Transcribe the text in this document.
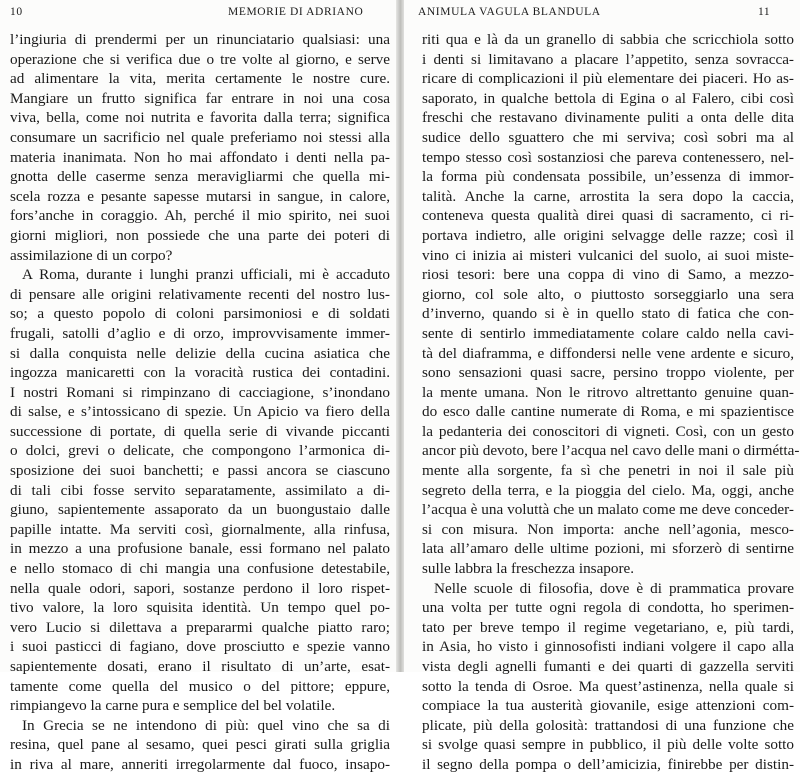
10	MEMORIE DI ADRIANO
l’ingiuria di prendermi per un rinunciatario qualsiasi: una
operazione che si verifica due o tre volte al giorno, e serve
ad alimentare la vita, merita certamente le nostre cure.
Mangiare un frutto significa far entrare in noi una cosa
viva, bella, come noi nutrita e favorita dalla terra; significa
consumare un sacrificio nel quale preferiamo noi stessi alla
materia inanimata. Non ho mai affondato i denti nella pa-
gnotta delle caserme senza meravigliarmi che quella mi-
scela rozza e pesante sapesse mutarsi in sangue, in calore,
fors’anche in coraggio. Ah, perché il mio spirito, nei suoi
giorni migliori, non possiede che una parte dei poteri di
assimilazione di un corpo?
A Roma, durante i lunghi pranzi ufficiali, mi è accaduto
di pensare alle origini relativamente recenti del nostro lus-
so; a questo popolo di coloni parsimoniosi e di soldati
frugali, satolli d’aglio e di orzo, improvvisamente immer-
si dalla conquista nelle delizie della cucina asiatica che
ingozza manicaretti con la voracità rustica dei contadini.
I nostri Romani si rimpinzano di cacciagione, s’inondano
di salse, e s’intossicano di spezie. Un Apicio va fiero della
successione di portate, di quella serie di vivande piccanti
o dolci, grevi o delicate, che compongono l’armonica di-
sposizione dei suoi banchetti; e passi ancora se ciascuno
di tali cibi fosse servito separatamente, assimilato a di-
giuno, sapientemente assaporato da un buongustaio dalle
papille intatte. Ma serviti così, giornalmente, alla rinfusa,
in mezzo a una profusione banale, essi formano nel palato
e nello stomaco di chi mangia una confusione detestabile,
nella quale odori, sapori, sostanze perdono il loro rispet-
tivo valore, la loro squisita identità. Un tempo quel po-
vero Lucio si dilettava a prepararmi qualche piatto raro;
i suoi pasticci di fagiano, dove prosciutto e spezie vanno
sapientemente dosati, erano il risultato di un’arte, esat-
tamente come quella del musico o del pittore; eppure,
rimpiangevo la carne pura e semplice del bel volatile.
In Grecia se ne intendono di più: quel vino che sa di
resina, quel pane al sesamo, quei pesci girati sulla griglia
in riva al mare, anneriti irregolarmente dal fuoco, insapo-
ANIMULA VAGULA BLANDULA	11
riti qua e là da un granello di sabbia che scricchiola sotto
i denti si limitavano a placare l’appetito, senza sovracca-
ricare di complicazioni il più elementare dei piaceri. Ho as-
saporato, in qualche bettola di Egina o al Falero, cibi così
freschi che restavano divinamente puliti a onta delle dita
sudice dello sguattero che mi serviva; così sobri ma al
tempo stesso così sostanziosi che pareva contenessero, nel-
la forma più condensata possibile, un’essenza di immor-
talità. Anche la carne, arrostita la sera dopo la caccia,
conteneva questa qualità direi quasi di sacramento, ci ri-
portava indietro, alle origini selvagge delle razze; così il
vino ci inizia ai misteri vulcanici del suolo, ai suoi miste-
riosi tesori: bere una coppa di vino di Samo, a mezzo-
giorno, col sole alto, o piuttosto sorseggiarlo una sera
d’inverno, quando si è in quello stato di fatica che con-
sente di sentirlo immediatamente colare caldo nella cavi-
tà del diaframma, e diffondersi nelle vene ardente e sicuro,
sono sensazioni quasi sacre, persino troppo violente, per
la mente umana. Non le ritrovo altrettanto genuine quan-
do esco dalle cantine numerate di Roma, e mi spazientisce
la pedanteria dei conoscitori di vigneti. Così, con un gesto
ancor più devoto, bere l’acqua nel cavo delle mani o dirmétta-
mente alla sorgente, fa sì che penetri in noi il sale più
segreto della terra, e la pioggia del cielo. Ma, oggi, anche
l’acqua è una voluttà che un malato come me deve conceder-
si con misura. Non importa: anche nell’agonia, mesco-
lata all’amaro delle ultime pozioni, mi sforzerò di sentirne
sulle labbra la freschezza insapore.
Nelle scuole di filosofia, dove è di prammatica provare
una volta per tutte ogni regola di condotta, ho sperimen-
tato per breve tempo il regime vegetariano, e, più tardi,
in Asia, ho visto i ginnosofisti indiani volgere il capo alla
vista degli agnelli fumanti e dei quarti di gazzella serviti
sotto la tenda di Osroe. Ma quest’astinenza, nella quale si
compiace la tua austerità giovanile, esige attenzioni com-
plicate, più della golosità: trattandosi di una funzione che
si svolge quasi sempre in pubblico, il più delle volte sotto
il segno della pompa o dell’amicizia, finirebbe per distin-
